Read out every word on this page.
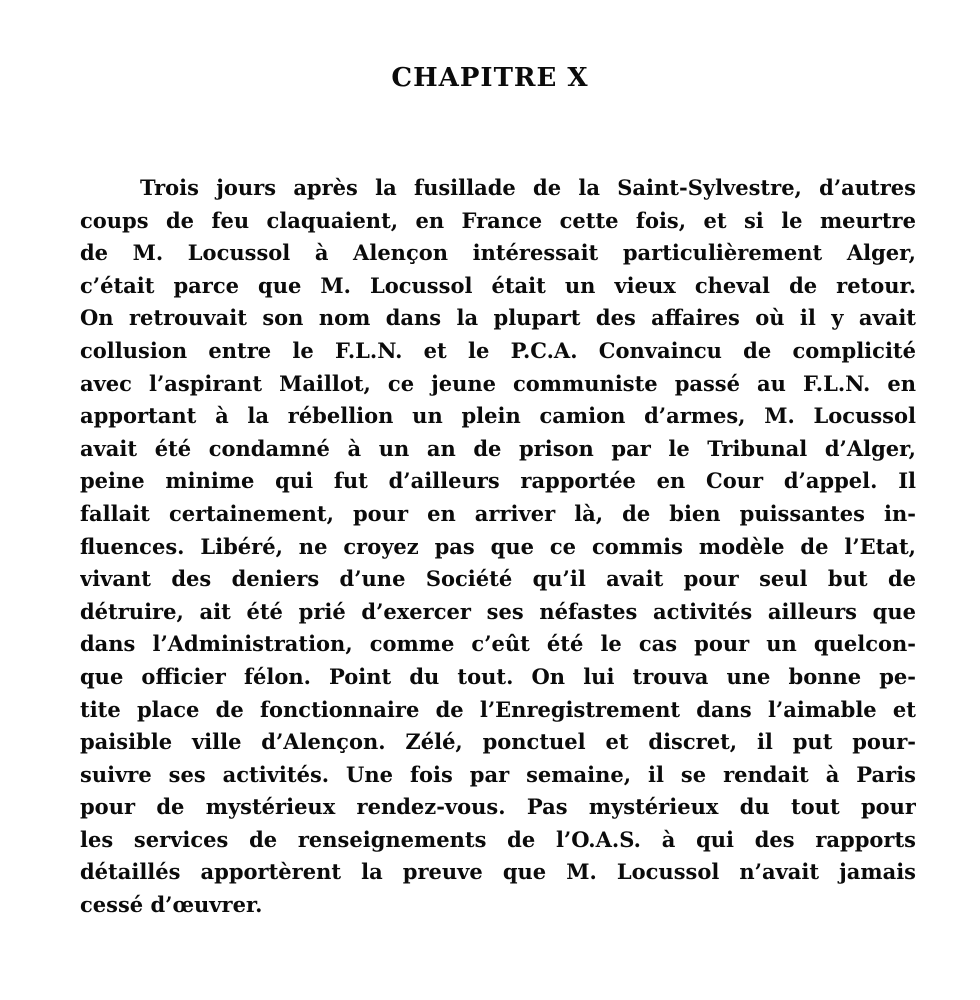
CHAPITRE X
Trois jours après la fusillade de la Saint-Sylvestre, d’autres
coups de feu claquaient, en France cette fois, et si le meurtre
de M. Locussol à Alençon intéressait particulièrement Alger,
c’était parce que M. Locussol était un vieux cheval de retour.
On retrouvait son nom dans la plupart des affaires où il y avait
collusion entre le F.L.N. et le P.C.A. Convaincu de complicité
avec l’aspirant Maillot, ce jeune communiste passé au F.L.N. en
apportant à la rébellion un plein camion d’armes, M. Locussol
avait été condamné à un an de prison par le Tribunal d’Alger,
peine minime qui fut d’ailleurs rapportée en Cour d’appel. Il
fallait certainement, pour en arriver là, de bien puissantes in-
fluences. Libéré, ne croyez pas que ce commis modèle de l’Etat,
vivant des deniers d’une Société qu’il avait pour seul but de
détruire, ait été prié d’exercer ses néfastes activités ailleurs que
dans l’Administration, comme c’eût été le cas pour un quelcon-
que officier félon. Point du tout. On lui trouva une bonne pe-
tite place de fonctionnaire de l’Enregistrement dans l’aimable et
paisible ville d’Alençon. Zélé, ponctuel et discret, il put pour-
suivre ses activités. Une fois par semaine, il se rendait à Paris
pour de mystérieux rendez-vous. Pas mystérieux du tout pour
les services de renseignements de l’O.A.S. à qui des rapports
détaillés apportèrent la preuve que M. Locussol n’avait jamais
cessé d’œuvrer.
